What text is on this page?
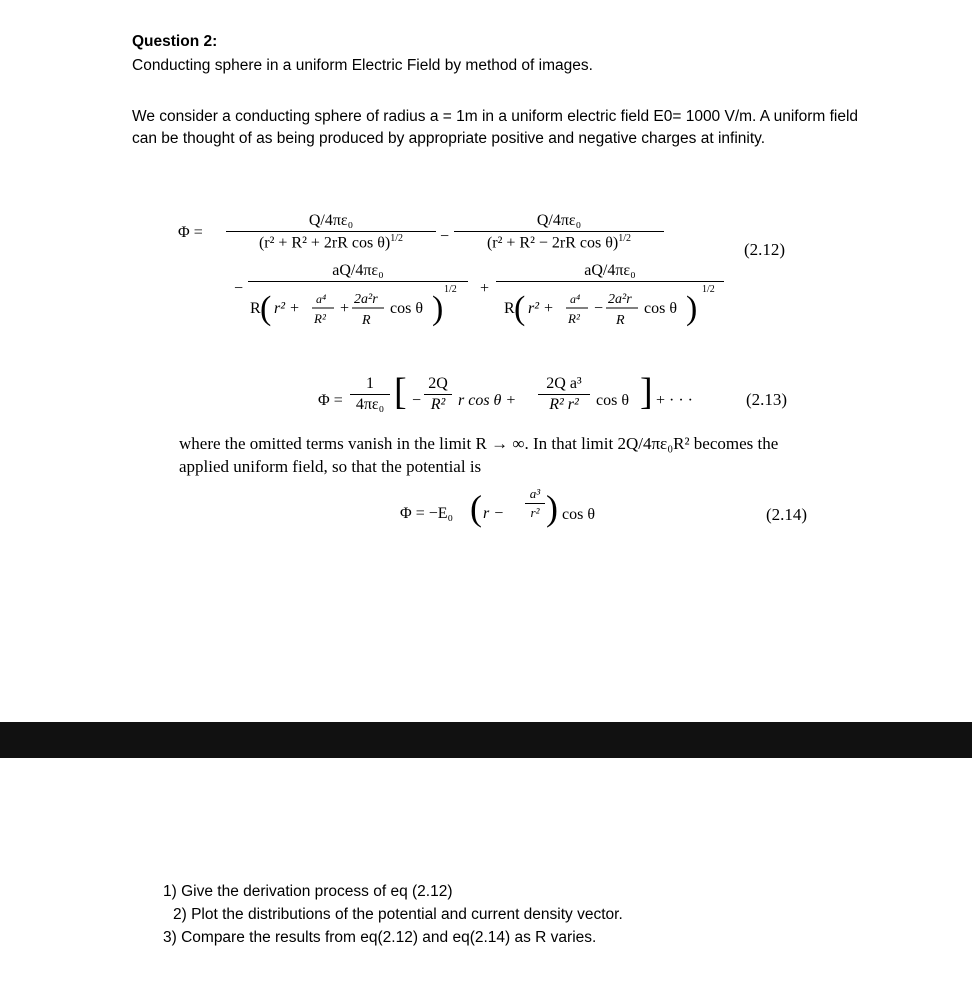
Question 2:
Conducting sphere in a uniform Electric Field by method of images.
We consider a conducting sphere of radius a = 1m in a uniform electric field E0= 1000 V/m. A uniform field can be thought of as being produced by appropriate positive and negative charges at infinity.
Φ =
Q/4πε₀
(r² + R² + 2rR cos θ)$^{1/2}$	−
Q/4πε₀
(r² + R² − 2rR cos θ)$^{1/2}$
(2.12)
−
aQ/4πε₀
R ( r² +
a⁴
R²
+
2a²r
R
cos θ )
1/2 +
aQ/4πε₀
R ( r² +
a⁴
R²
−
2a²r
R
cos θ )
1/2
Φ =
1
4πε₀ [ −
2Q
R² r cos θ +
2Q a³
R² r²	cos θ ] + · · ·	(2.13)
where the omitted terms vanish in the limit R → ∞. In that limit 2Q/4πε₀R² becomes the applied uniform field, so that the potential is
Φ = −E₀ ( r −
a³
r² ) cos θ	(2.14)
1) Give the derivation process of eq (2.12)
2) Plot the distributions of the potential and current density vector.
3) Compare the results from eq(2.12) and eq(2.14) as R varies.
